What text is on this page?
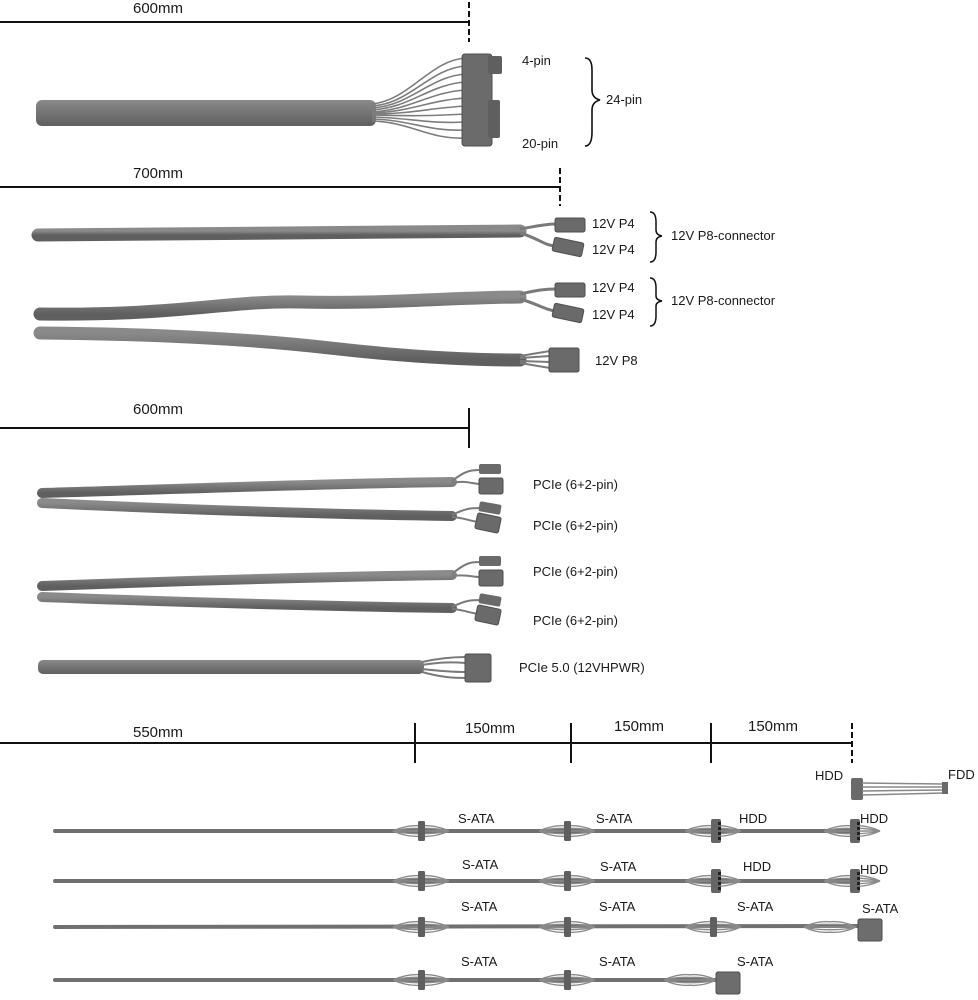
600mm
4-pin
20-pin
24-pin
700mm
12V P4
12V P4
12V P8-connector
12V P4
12V P4
12V P8-connector
12V P8
600mm
PCIe (6+2-pin)
PCIe (6+2-pin)
PCIe (6+2-pin)
PCIe (6+2-pin)
PCIe 5.0 (12VHPWR)
550mm	150mm	150mm	150mm
HDD	FDD
S-ATA	S-ATA	HDD	HDD
S-ATA	S-ATA	HDD	HDD
S-ATA	S-ATA	S-ATA	S-ATA
S-ATA	S-ATA	S-ATA
